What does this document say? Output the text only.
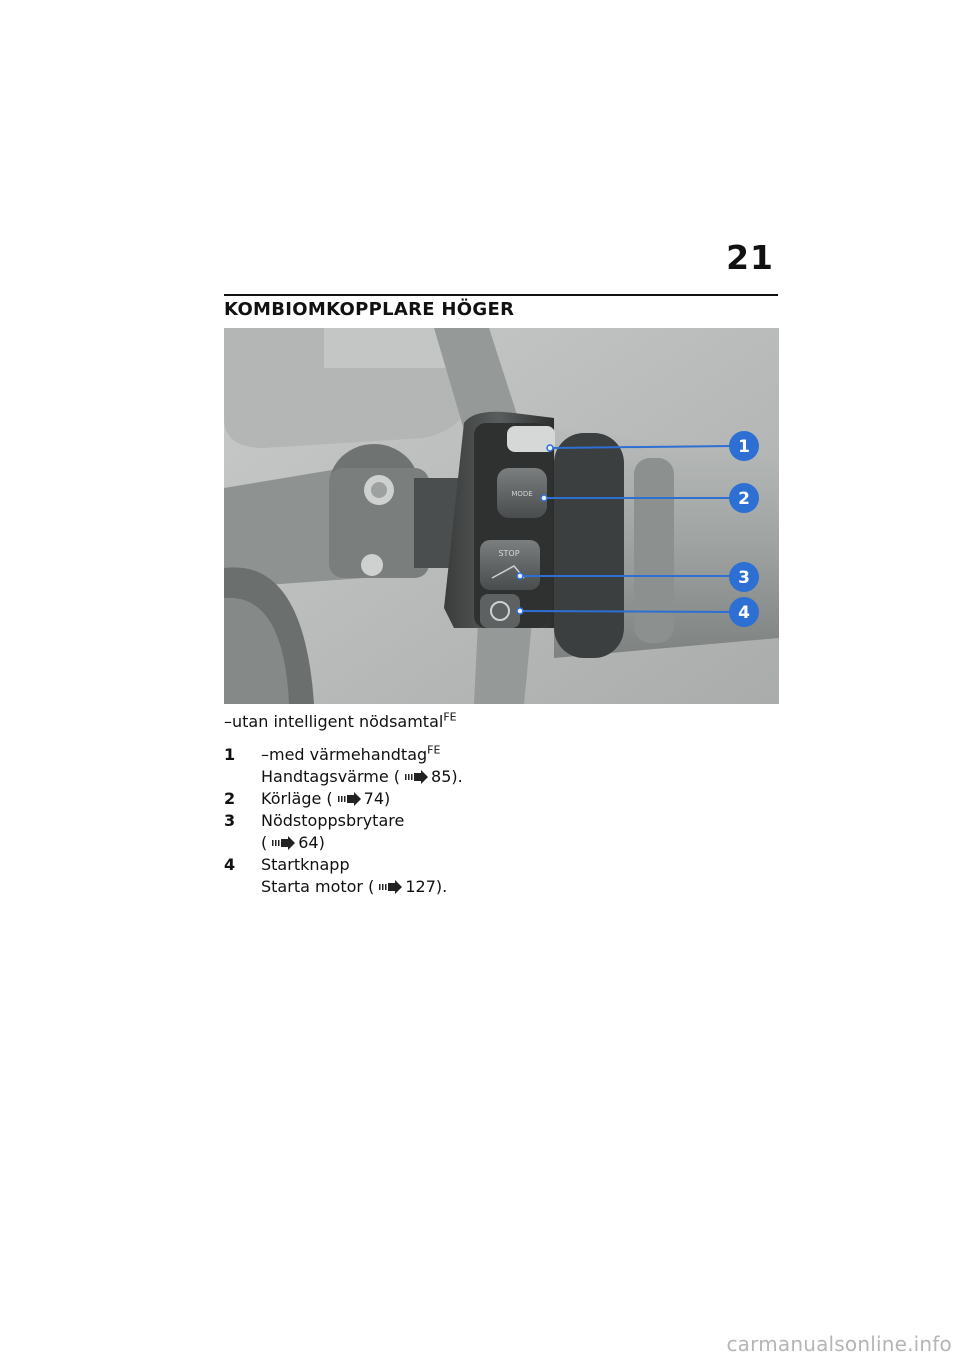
21
KOMBIOMKOPPLARE HÖGER
MODE
STOP
1
2
3
4
–utan intelligent nödsamtal$^{FE}$
1 –med värmehandtag$^{FE}$
Handtagsvärme ( 85).
2 Körläge ( 74)
3 Nödstoppsbrytare
( 64)
4 Startknapp
Starta motor ( 127).
carmanualsonline.info
